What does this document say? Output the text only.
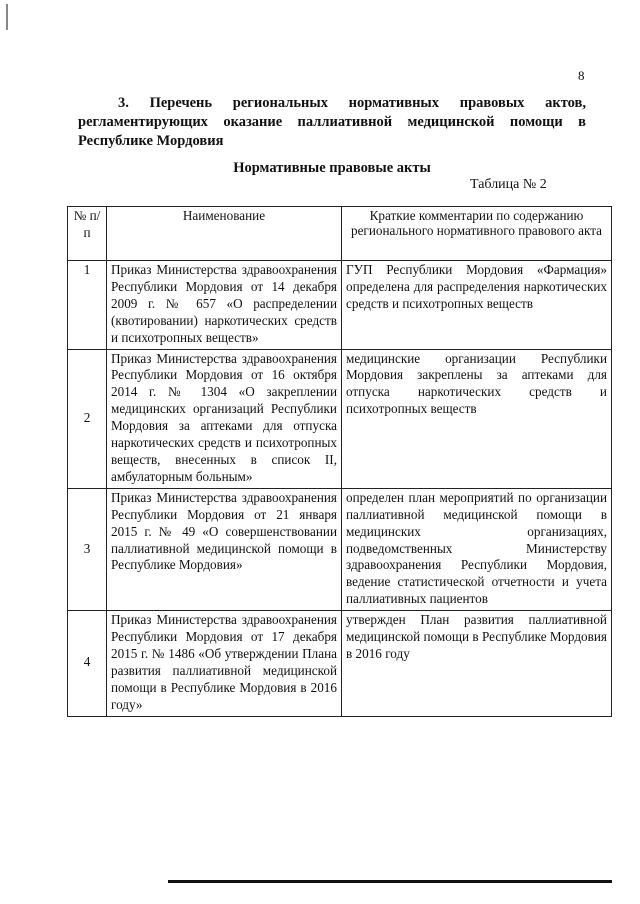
8
3. Перечень региональных нормативных правовых актов, регламентирующих оказание паллиативной медицинской помощи в Республике Мордовия
Нормативные правовые акты
Таблица № 2
№ п/п	Наименование	Краткие комментарии по содержанию регионального нормативного правового акта
1	Приказ Министерства здравоохранения Республики Мордовия от 14 декабря 2009 г. № 657 «О распределении (квотировании) наркотических средств и психотропных веществ»	ГУП Республики Мордовия «Фармация» определена для распределения наркотических средств и психотропных веществ
2	Приказ Министерства здравоохранения Республики Мордовия от 16 октября 2014 г. № 1304 «О закреплении медицинских организаций Республики Мордовия за аптеками для отпуска наркотических средств и психотропных веществ, внесенных в список II, амбулаторным больным»	медицинские организации Республики Мордовия закреплены за аптеками для отпуска наркотических средств и психотропных веществ
3	Приказ Министерства здравоохранения Республики Мордовия от 21 января 2015 г. № 49 «О совершенствовании паллиативной медицинской помощи в Республике Мордовия»	определен план мероприятий по организации паллиативной медицинской помощи в медицинских организациях, подведомственных Министерству здравоохранения Республики Мордовия, ведение статистической отчетности и учета паллиативных пациентов
4	Приказ Министерства здравоохранения Республики Мордовия от 17 декабря 2015 г. № 1486 «Об утверждении Плана развития паллиативной медицинской помощи в Республике Мордовия в 2016 году»	утвержден План развития паллиативной медицинской помощи в Республике Мордовия в 2016 году
